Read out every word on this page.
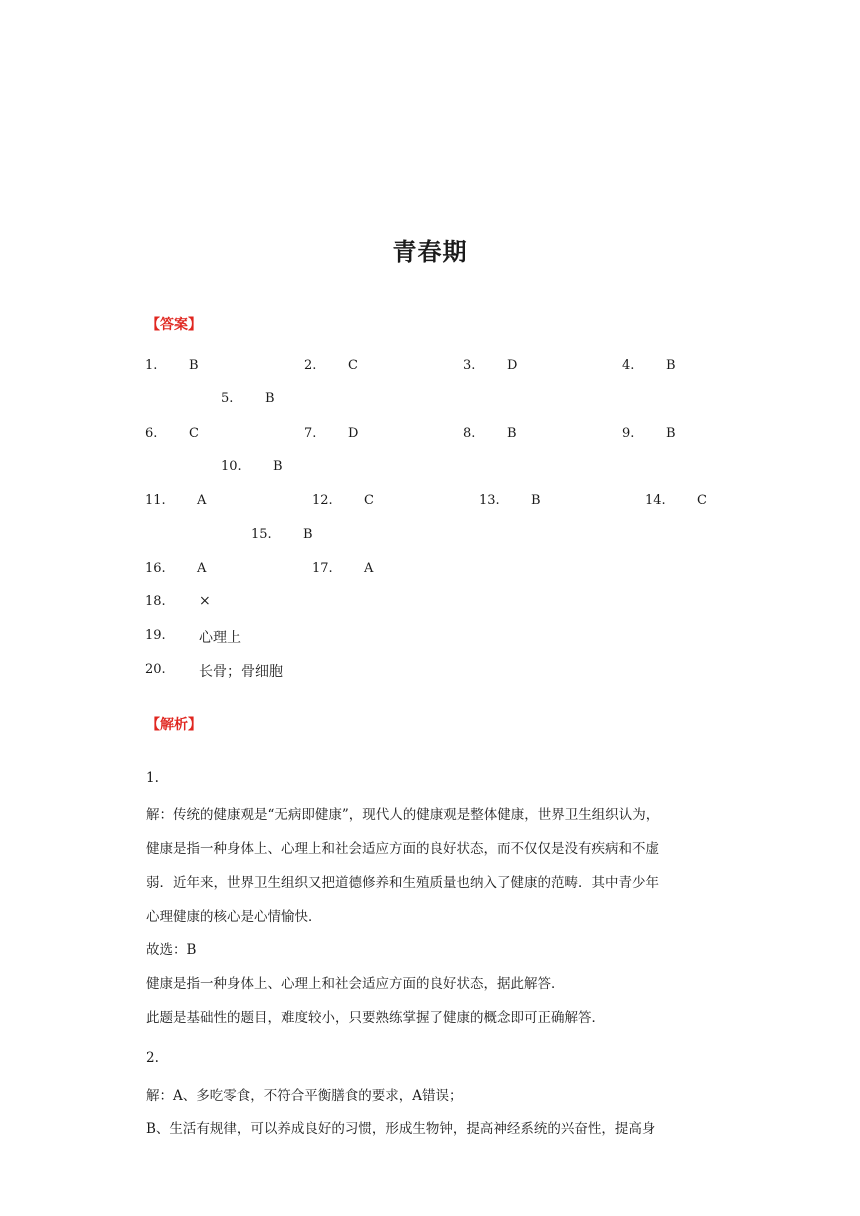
青春期
【答案】
1. B	2. C	3. D	4. B
5. B
6. C	7. D	8. B	9. B
10. B
11. A	12. C	13. B	14. C
15. B
16. A	17. A
18. ×
19. 心理上
20. 长骨；骨细胞
【解析】
1.
解：传统的健康观是“无病即健康”，现代人的健康观是整体健康，世界卫生组织认为，
健康是指一种身体上、心理上和社会适应方面的良好状态，而不仅仅是没有疾病和不虚
弱．近年来，世界卫生组织又把道德修养和生殖质量也纳入了健康的范畴．其中青少年
心理健康的核心是心情愉快．
故选：B
健康是指一种身体上、心理上和社会适应方面的良好状态，据此解答．
此题是基础性的题目，难度较小，只要熟练掌握了健康的概念即可正确解答．
2.
解：A、多吃零食，不符合平衡膳食的要求，A错误；
B、生活有规律，可以养成良好的习惯，形成生物钟，提高神经系统的兴奋性，提高身
